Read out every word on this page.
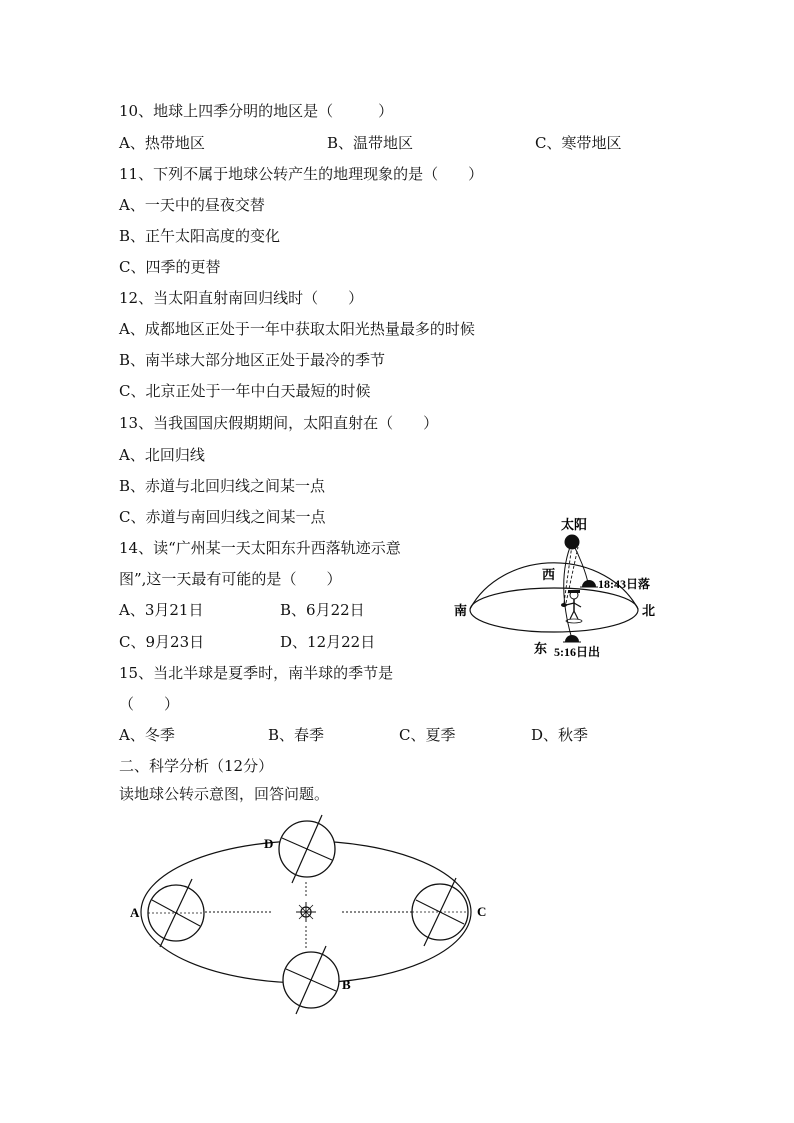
10、地球上四季分明的地区是（　　　）
A、热带地区	B、温带地区	C、寒带地区
11、下列不属于地球公转产生的地理现象的是（　　）
A、一天中的昼夜交替
B、正午太阳高度的变化
C、四季的更替
12、当太阳直射南回归线时（　　）
A、成都地区正处于一年中获取太阳光热量最多的时候
B、南半球大部分地区正处于最冷的季节
C、北京正处于一年中白天最短的时候
13、当我国国庆假期期间，太阳直射在（　　）
A、北回归线
B、赤道与北回归线之间某一点
C、赤道与南回归线之间某一点
14、读“广州某一天太阳东升西落轨迹示意
图”,这一天最有可能的是（　　）
A、3月21日	B、6月22日
C、9月23日	D、12月22日
太阳
西
18:43日落
南	北
东 5:16日出
15、当北半球是夏季时，南半球的季节是
（　　）
A、冬季	B、春季	C、夏季	D、秋季
二、科学分析（12分）
读地球公转示意图，回答问题。
A
B
C
D
